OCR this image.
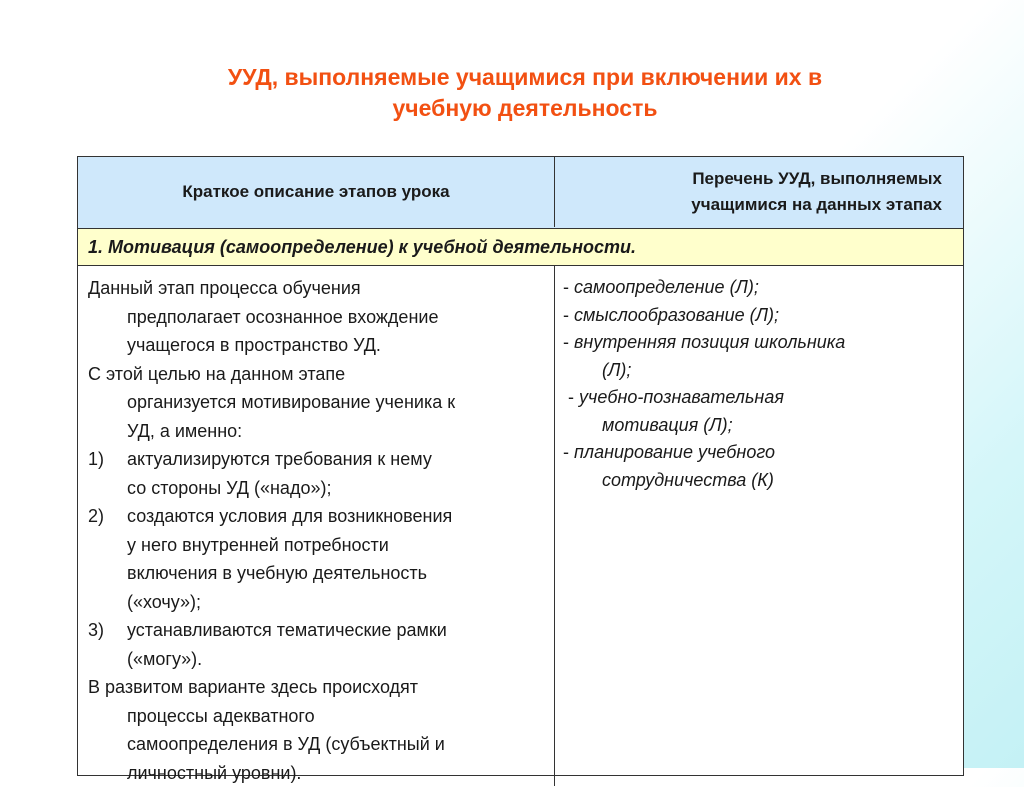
УУД, выполняемые учащимися при включении их в
учебную деятельность
Краткое описание этапов урока
Перечень УУД, выполняемых
учащимися на данных этапах
1. Мотивация (самоопределение) к учебной деятельности.
Данный этап процесса обучения
предполагает осознанное вхождение
учащегося в пространство УД.
С этой целью на данном этапе
организуется мотивирование ученика к
УД, а именно:
1) актуализируются требования к нему
со стороны УД («надо»);
2) создаются условия для возникновения
у него внутренней потребности
включения в учебную деятельность
(«хочу»);
3) устанавливаются тематические рамки
(«могу»).
В развитом варианте здесь происходят
процессы адекватного
самоопределения в УД (субъектный и
личностный уровни).
- самоопределение (Л);
- смыслообразование (Л);
- внутренняя позиция школьника
(Л);
- учебно-познавательная
мотивация (Л);
- планирование учебного
сотрудничества (К)
